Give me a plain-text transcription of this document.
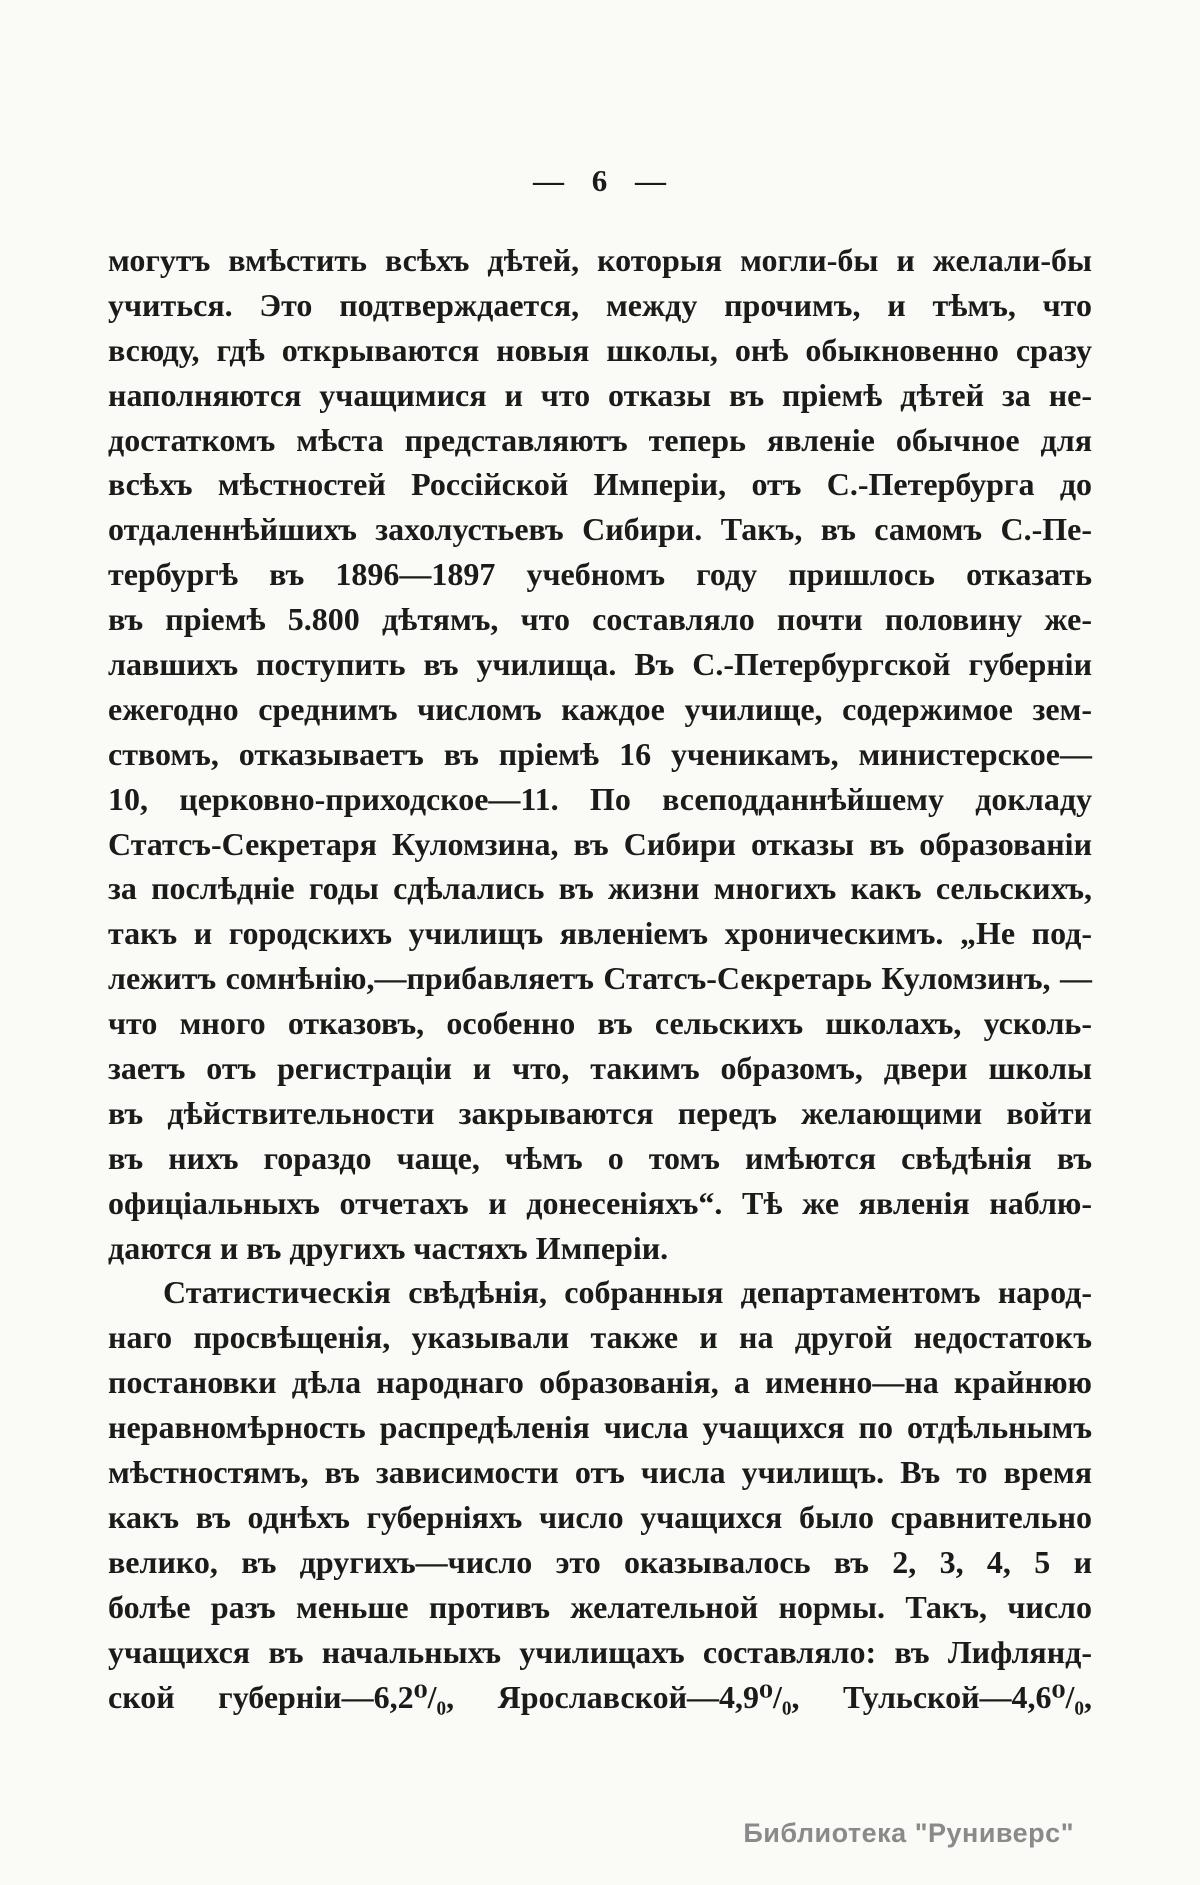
— 6 —
могутъ вмѣстить всѣхъ дѣтей, которыя могли-бы и желали-бы
учиться. Это подтверждается, между прочимъ, и тѣмъ, что
всюду, гдѣ открываются новыя школы, онѣ обыкновенно сразу
наполняются учащимися и что отказы въ пріемѣ дѣтей за не-
достаткомъ мѣста представляютъ теперь явленіе обычное для
всѣхъ мѣстностей Россійской Имперіи, отъ С.-Петербурга до
отдаленнѣйшихъ захолустьевъ Сибири. Такъ, въ самомъ С.-Пе-
тербургѣ въ 1896—1897 учебномъ году пришлось отказать
въ пріемѣ 5.800 дѣтямъ, что составляло почти половину же-
лавшихъ поступить въ училища. Въ С.-Петербургской губерніи
ежегодно среднимъ числомъ каждое училище, содержимое зем-
ствомъ, отказываетъ въ пріемѣ 16 ученикамъ, министерское—
10, церковно-приходское—11. По всеподданнѣйшему докладу
Статсъ-Секретаря Куломзина, въ Сибири отказы въ образованіи
за послѣдніе годы сдѣлались въ жизни многихъ какъ сельскихъ,
такъ и городскихъ училищъ явленіемъ хроническимъ. „Не под-
лежитъ сомнѣнію,—прибавляетъ Статсъ-Секретарь Куломзинъ, —
что много отказовъ, особенно въ сельскихъ школахъ, усколь-
заетъ отъ регистраціи и что, такимъ образомъ, двери школы
въ дѣйствительности закрываются передъ желающими войти
въ нихъ гораздо чаще, чѣмъ о томъ имѣются свѣдѣнія въ
офиціальныхъ отчетахъ и донесеніяхъ“. Тѣ же явленія наблю-
даются и въ другихъ частяхъ Имперіи.
Статистическія свѣдѣнія, собранныя департаментомъ народ-
наго просвѣщенія, указывали также и на другой недостатокъ
постановки дѣла народнаго образованія, а именно—на крайнюю
неравномѣрность распредѣленія числа учащихся по отдѣльнымъ
мѣстностямъ, въ зависимости отъ числа училищъ. Въ то время
какъ въ однѣхъ губерніяхъ число учащихся было сравнительно
велико, въ другихъ—число это оказывалось въ 2, 3, 4, 5 и
болѣе разъ меньше противъ желательной нормы. Такъ, число
учащихся въ начальныхъ училищахъ составляло: въ Лифлянд-
ской губерніи—6,2⁰/₀, Ярославской—4,9⁰/₀, Тульской—4,6⁰/₀,
Библиотека "Руниверс"
